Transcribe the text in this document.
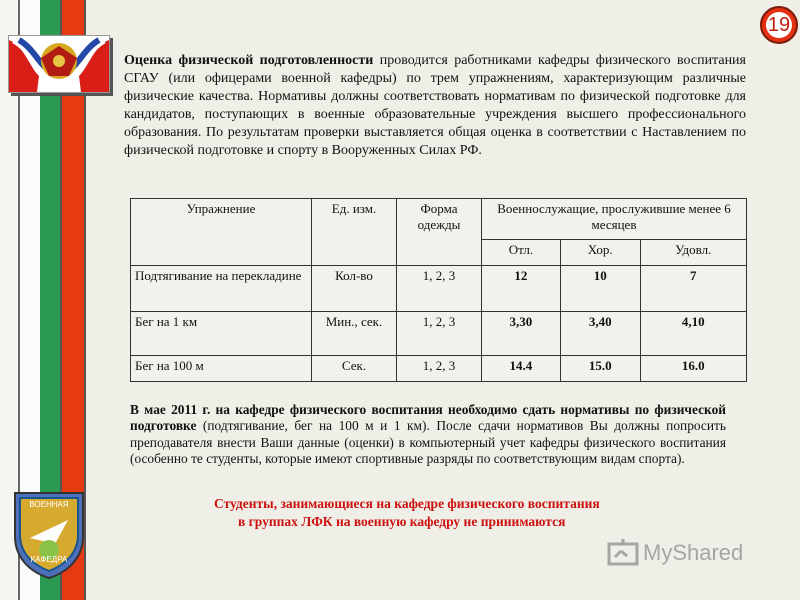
19
Оценка физической подготовленности проводится работниками кафедры физического воспитания СГАУ (или офицерами военной кафедры) по трем упражнениям, характеризующим различные физические качества. Нормативы должны соответствовать нормативам по физической подготовке для кандидатов, поступающих в военные образовательные учреждения высшего профессионального образования. По результатам проверки выставляется общая оценка в соответствии с Наставлением по физической подготовке и спорту в Вооруженных Силах РФ.
Упражнение	Ед. изм.	Форма одежды	Военнослужащие, прослужившие менее 6 месяцев		
			Отл.	Хор.	Удовл.
Подтягивание на перекладине	Кол-во	1, 2, 3	12	10	7
Бег на 1 км	Мин., сек.	1, 2, 3	3,30	3,40	4,10
Бег на 100 м	Сек.	1, 2, 3	14.4	15.0	16.0
В мае 2011 г. на кафедре физического воспитания необходимо сдать нормативы по физической подготовке (подтягивание, бег на 100 м и 1 км). После сдачи нормативов Вы должны попросить преподавателя внести Ваши данные (оценки) в компьютерный учет кафедры физического воспитания (особенно те студенты, которые имеют спортивные разряды по соответствующим видам спорта).
Студенты, занимающиеся на кафедре физического воспитания
в группах ЛФК на военную кафедру не принимаются
ВОЕННАЯ
КАФЕДРА	MyShared
